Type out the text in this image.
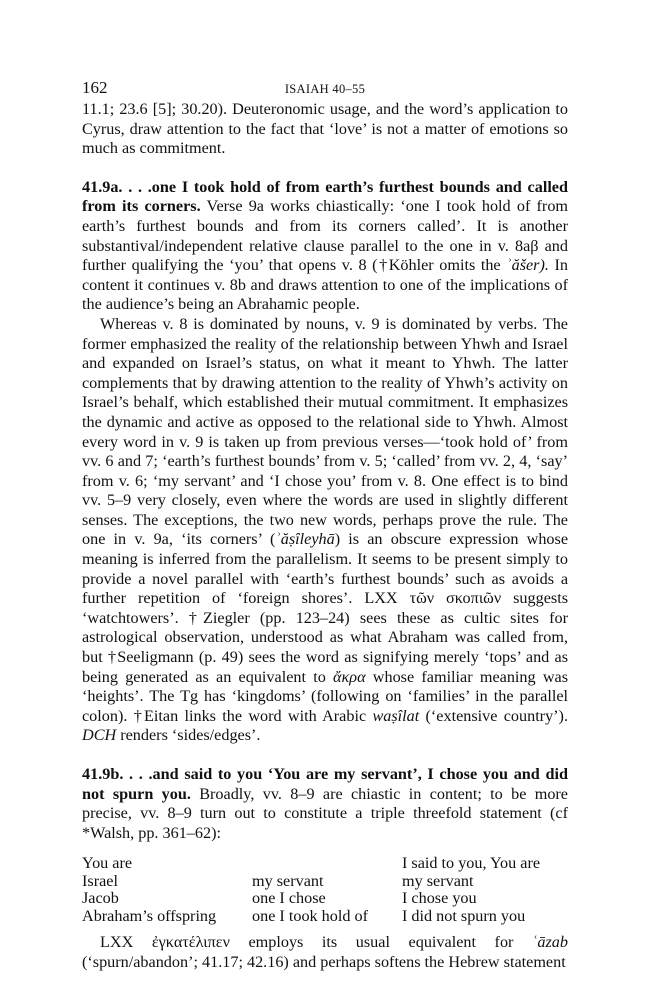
162	ISAIAH 40–55

11.1; 23.6 [5]; 30.20). Deuteronomic usage, and the word’s application to Cyrus, draw attention to the fact that ‘love’ is not a matter of emotions so much as commitment.

41.9a. . . .one I took hold of from earth’s furthest bounds and called from its corners. Verse 9a works chiastically: ‘one I took hold of from earth’s furthest bounds and from its corners called’. It is another substantival/independent relative clause parallel to the one in v. 8aβ and further qualifying the ‘you’ that opens v. 8 (†Köhler omits the ʾăšer). In content it continues v. 8b and draws attention to one of the implications of the audience’s being an Abrahamic people.

Whereas v. 8 is dominated by nouns, v. 9 is dominated by verbs. The former emphasized the reality of the relationship between Yhwh and Israel and expanded on Israel’s status, on what it meant to Yhwh. The latter complements that by drawing attention to the reality of Yhwh’s activity on Israel’s behalf, which established their mutual commitment. It emphasizes the dynamic and active as opposed to the relational side to Yhwh. Almost every word in v. 9 is taken up from previous verses—‘took hold of’ from vv. 6 and 7; ‘earth’s furthest bounds’ from v. 5; ‘called’ from vv. 2, 4, ‘say’ from v. 6; ‘my servant’ and ‘I chose you’ from v. 8. One effect is to bind vv. 5–9 very closely, even where the words are used in slightly different senses. The exceptions, the two new words, perhaps prove the rule. The one in v. 9a, ‘its corners’ (ʾăṣîleyhā) is an obscure expression whose meaning is inferred from the parallelism. It seems to be present simply to provide a novel parallel with ‘earth’s furthest bounds’ such as avoids a further repetition of ‘foreign shores’. LXX τῶν σκοπιῶν suggests ‘watchtowers’. †Ziegler (pp. 123–24) sees these as cultic sites for astrological observation, understood as what Abraham was called from, but †Seeligmann (p. 49) sees the word as signifying merely ‘tops’ and as being generated as an equivalent to ἄκρα whose familiar meaning was ‘heights’. The Tg has ‘kingdoms’ (following on ‘families’ in the parallel colon). †Eitan links the word with Arabic waṣîlat (‘extensive country’). DCH renders ‘sides/edges’.

41.9b. . . .and said to you ‘You are my servant’, I chose you and did not spurn you. Broadly, vv. 8–9 are chiastic in content; to be more precise, vv. 8–9 turn out to constitute a triple threefold statement (cf *Walsh, pp. 361–62):

You are		I said to you, You are
Israel	my servant	my servant
Jacob	one I chose	I chose you
Abraham’s offspring	one I took hold of	I did not spurn you

LXX ἐγκατέλιπεν employs its usual equivalent for ʿāzab (‘spurn/abandon’; 41.17; 42.16) and perhaps softens the Hebrew statement
